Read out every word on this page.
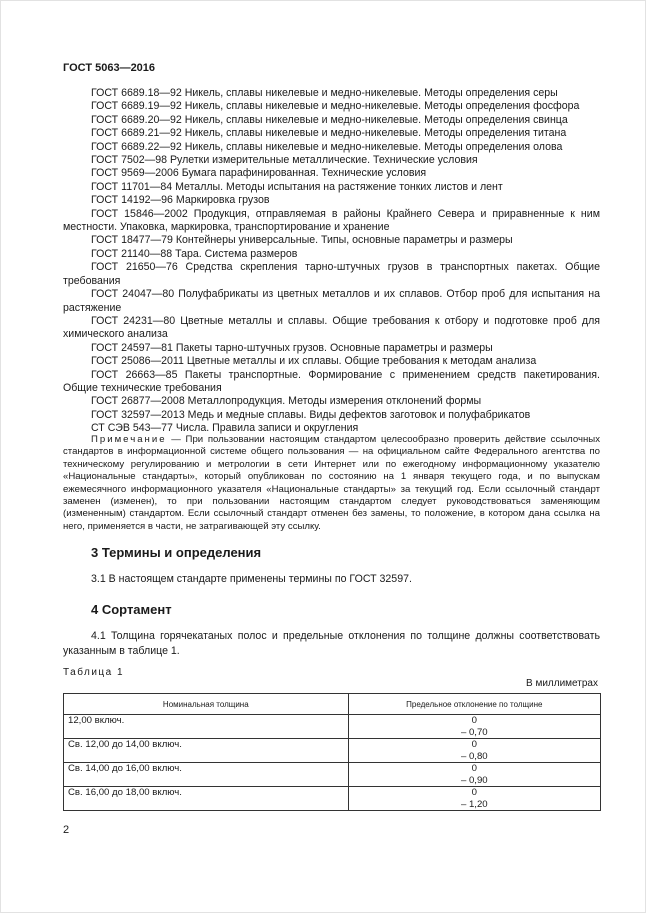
ГОСТ 5063—2016
ГОСТ 6689.18—92 Никель, сплавы никелевые и медно-никелевые. Методы определения серы
ГОСТ 6689.19—92 Никель, сплавы никелевые и медно-никелевые. Методы определения фосфора
ГОСТ 6689.20—92 Никель, сплавы никелевые и медно-никелевые. Методы определения свинца
ГОСТ 6689.21—92 Никель, сплавы никелевые и медно-никелевые. Методы определения титана
ГОСТ 6689.22—92 Никель, сплавы никелевые и медно-никелевые. Методы определения олова
ГОСТ 7502—98 Рулетки измерительные металлические. Технические условия
ГОСТ 9569—2006 Бумага парафинированная. Технические условия
ГОСТ 11701—84 Металлы. Методы испытания на растяжение тонких листов и лент
ГОСТ 14192—96 Маркировка грузов
ГОСТ 15846—2002 Продукция, отправляемая в районы Крайнего Севера и приравненные к ним местности. Упаковка, маркировка, транспортирование и хранение
ГОСТ 18477—79 Контейнеры универсальные. Типы, основные параметры и размеры
ГОСТ 21140—88 Тара. Система размеров
ГОСТ 21650—76 Средства скрепления тарно-штучных грузов в транспортных пакетах. Общие требования
ГОСТ 24047—80 Полуфабрикаты из цветных металлов и их сплавов. Отбор проб для испытания на растяжение
ГОСТ 24231—80 Цветные металлы и сплавы. Общие требования к отбору и подготовке проб для химического анализа
ГОСТ 24597—81 Пакеты тарно-штучных грузов. Основные параметры и размеры
ГОСТ 25086—2011 Цветные металлы и их сплавы. Общие требования к методам анализа
ГОСТ 26663—85 Пакеты транспортные. Формирование с применением средств пакетирования. Общие технические требования
ГОСТ 26877—2008 Металлопродукция. Методы измерения отклонений формы
ГОСТ 32597—2013 Медь и медные сплавы. Виды дефектов заготовок и полуфабрикатов
СТ СЭВ 543—77 Числа. Правила записи и округления
Примечание — При пользовании настоящим стандартом целесообразно проверить действие ссылочных стандартов в информационной системе общего пользования — на официальном сайте Федерального агентства по техническому регулированию и метрологии в сети Интернет или по ежегодному информационному указателю «Национальные стандарты», который опубликован по состоянию на 1 января текущего года, и по выпускам ежемесячного информационного указателя «Национальные стандарты» за текущий год. Если ссылочный стандарт заменен (изменен), то при пользовании настоящим стандартом следует руководствоваться заменяющим (измененным) стандартом. Если ссылочный стандарт отменен без замены, то положение, в котором дана ссылка на него, применяется в части, не затрагивающей эту ссылку.
3 Термины и определения
3.1 В настоящем стандарте применены термины по ГОСТ 32597.
4 Сортамент
4.1 Толщина горячекатаных полос и предельные отклонения по толщине должны соответствовать указанным в таблице 1.
Таблица 1
В миллиметрах
Номинальная толщина	Предельное отклонение по толщине
12,00 включ.	0
– 0,70

Св. 12,00 до 14,00 включ.	0
– 0,80

Св. 14,00 до 16,00 включ.	0
– 0,90

Св. 16,00 до 18,00 включ.	0
– 1,20
2
